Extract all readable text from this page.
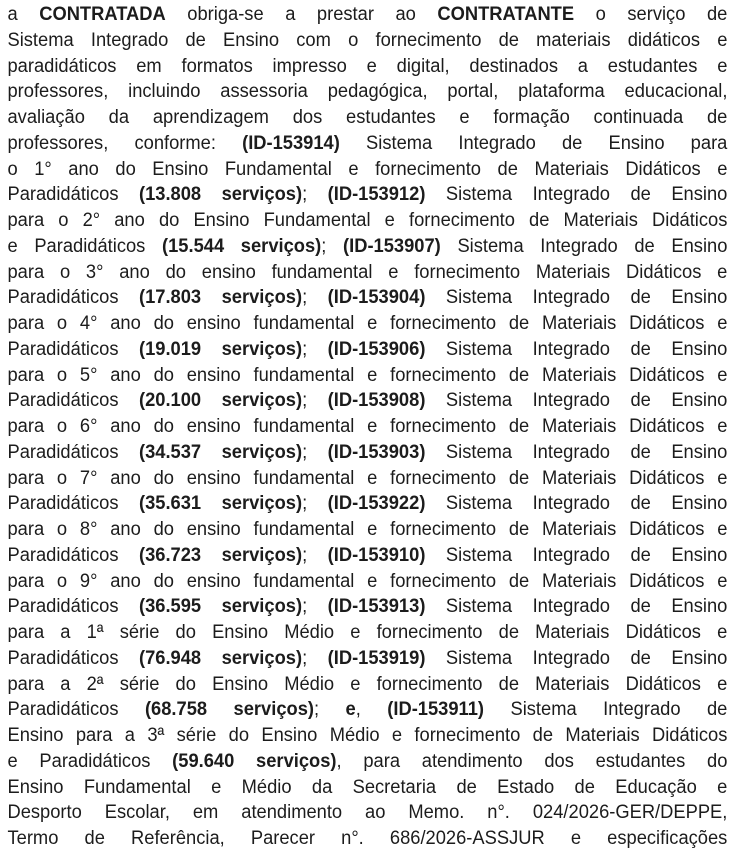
a CONTRATADA obriga-se a prestar ao CONTRATANTE o serviço de
Sistema Integrado de Ensino com o fornecimento de materiais didáticos e
paradidáticos em formatos impresso e digital, destinados a estudantes e
professores, incluindo assessoria pedagógica, portal, plataforma educacional,
avaliação da aprendizagem dos estudantes e formação continuada de
professores, conforme: (ID-153914) Sistema Integrado de Ensino para
o 1° ano do Ensino Fundamental e fornecimento de Materiais Didáticos e
Paradidáticos (13.808 serviços); (ID-153912) Sistema Integrado de Ensino
para o 2° ano do Ensino Fundamental e fornecimento de Materiais Didáticos
e Paradidáticos (15.544 serviços); (ID-153907) Sistema Integrado de Ensino
para o 3° ano do ensino fundamental e fornecimento Materiais Didáticos e
Paradidáticos (17.803 serviços); (ID-153904) Sistema Integrado de Ensino
para o 4° ano do ensino fundamental e fornecimento de Materiais Didáticos e
Paradidáticos (19.019 serviços); (ID-153906) Sistema Integrado de Ensino
para o 5° ano do ensino fundamental e fornecimento de Materiais Didáticos e
Paradidáticos (20.100 serviços); (ID-153908) Sistema Integrado de Ensino
para o 6° ano do ensino fundamental e fornecimento de Materiais Didáticos e
Paradidáticos (34.537 serviços); (ID-153903) Sistema Integrado de Ensino
para o 7° ano do ensino fundamental e fornecimento de Materiais Didáticos e
Paradidáticos (35.631 serviços); (ID-153922) Sistema Integrado de Ensino
para o 8° ano do ensino fundamental e fornecimento de Materiais Didáticos e
Paradidáticos (36.723 serviços); (ID-153910) Sistema Integrado de Ensino
para o 9° ano do ensino fundamental e fornecimento de Materiais Didáticos e
Paradidáticos (36.595 serviços); (ID-153913) Sistema Integrado de Ensino
para a 1ª série do Ensino Médio e fornecimento de Materiais Didáticos e
Paradidáticos (76.948 serviços); (ID-153919) Sistema Integrado de Ensino
para a 2ª série do Ensino Médio e fornecimento de Materiais Didáticos e
Paradidáticos (68.758 serviços); e, (ID-153911) Sistema Integrado de
Ensino para a 3ª série do Ensino Médio e fornecimento de Materiais Didáticos
e Paradidáticos (59.640 serviços), para atendimento dos estudantes do
Ensino Fundamental e Médio da Secretaria de Estado de Educação e
Desporto Escolar, em atendimento ao Memo. n°. 024/2026-GER/DEPPE,
Termo de Referência, Parecer n°. 686/2026-ASSJUR e especificações
